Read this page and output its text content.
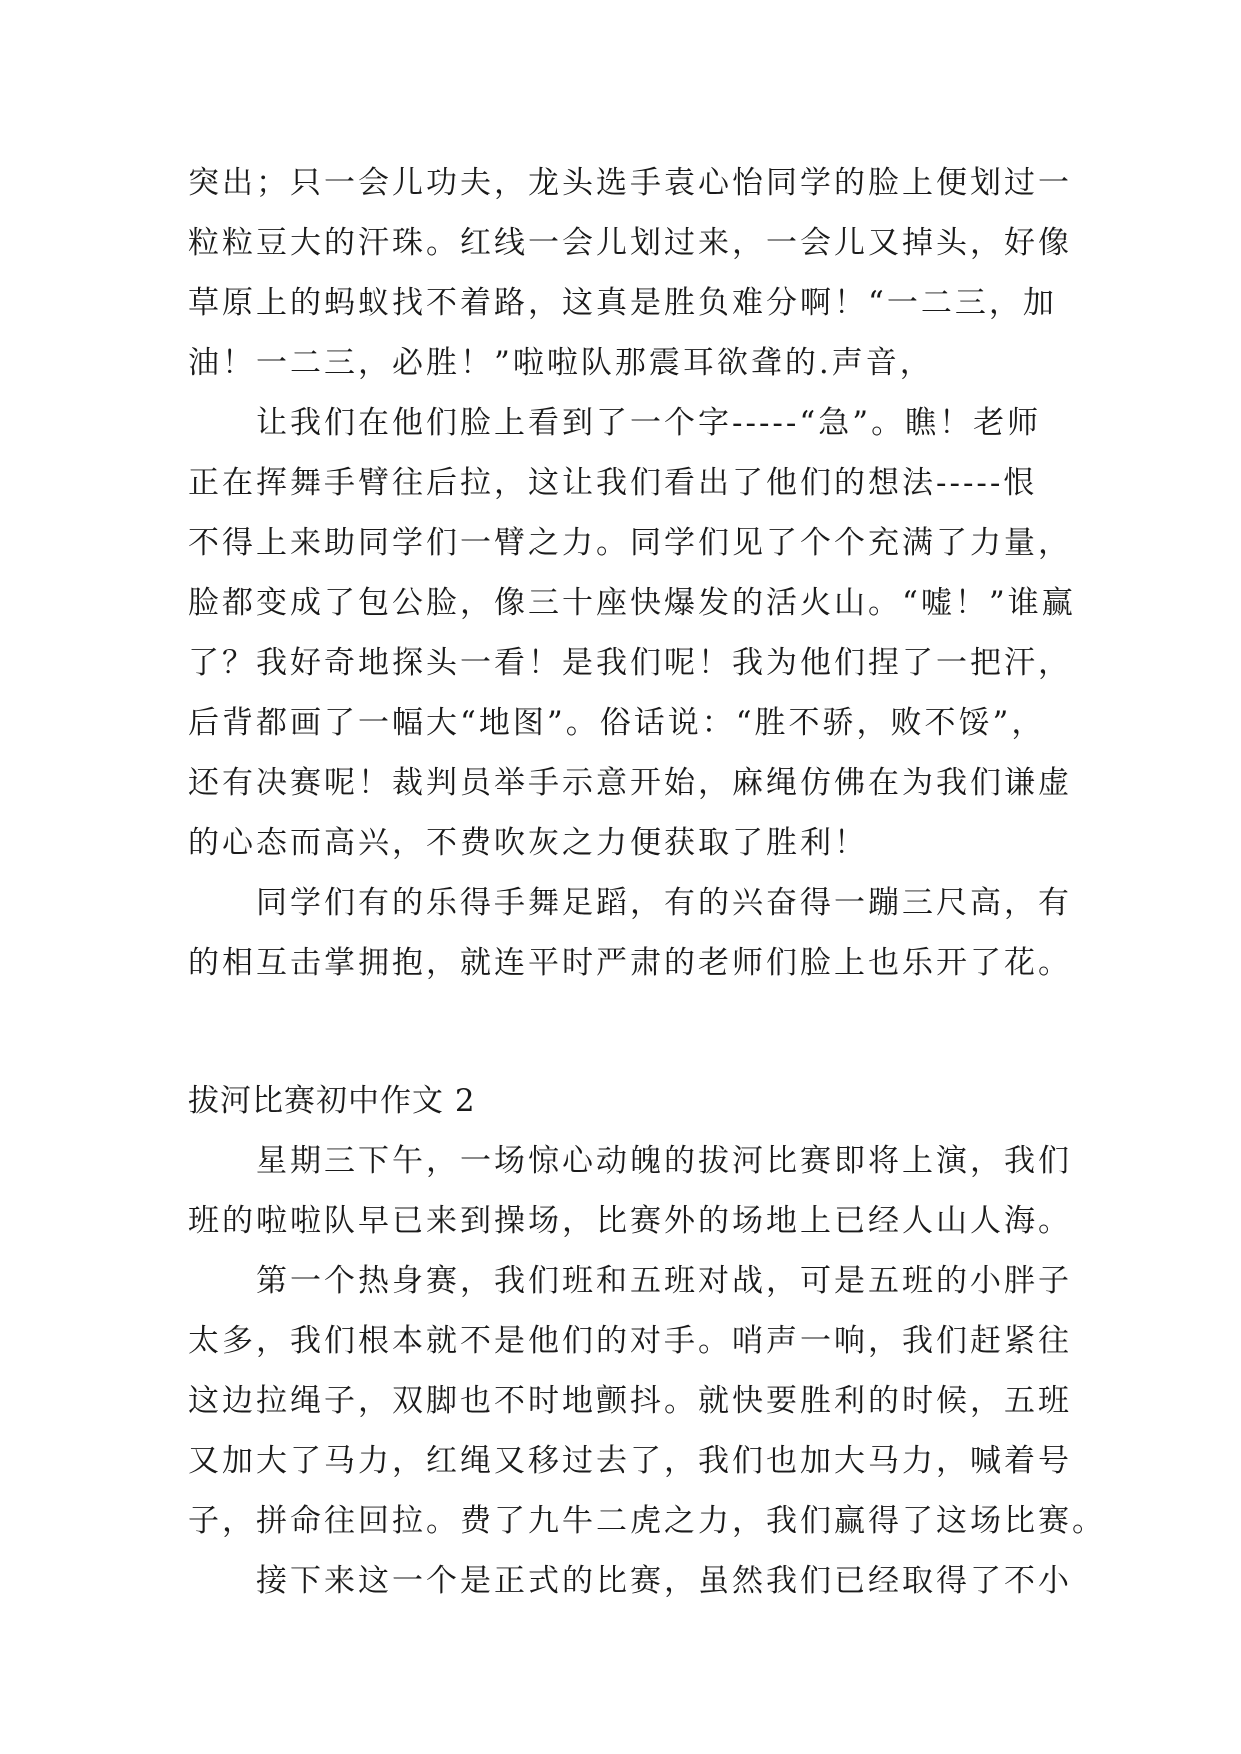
突出；只一会儿功夫，龙头选手袁心怡同学的脸上便划过一
粒粒豆大的汗珠。红线一会儿划过来，一会儿又掉头，好像
草原上的蚂蚁找不着路，这真是胜负难分啊！“一二三，加
油！一二三，必胜！”啦啦队那震耳欲聋的.声音，
让我们在他们脸上看到了一个字-----“急”。瞧！老师
正在挥舞手臂往后拉，这让我们看出了他们的想法-----恨
不得上来助同学们一臂之力。同学们见了个个充满了力量，
脸都变成了包公脸，像三十座快爆发的活火山。“嘘！”谁赢
了？我好奇地探头一看！是我们呢！我为他们捏了一把汗，
后背都画了一幅大“地图”。俗话说：“胜不骄，败不馁”，
还有决赛呢！裁判员举手示意开始，麻绳仿佛在为我们谦虚
的心态而高兴，不费吹灰之力便获取了胜利！
同学们有的乐得手舞足蹈，有的兴奋得一蹦三尺高，有
的相互击掌拥抱，就连平时严肃的老师们脸上也乐开了花。
拔河比赛初中作文 2
星期三下午，一场惊心动魄的拔河比赛即将上演，我们
班的啦啦队早已来到操场，比赛外的场地上已经人山人海。
第一个热身赛，我们班和五班对战，可是五班的小胖子
太多，我们根本就不是他们的对手。哨声一响，我们赶紧往
这边拉绳子，双脚也不时地颤抖。就快要胜利的时候，五班
又加大了马力，红绳又移过去了，我们也加大马力，喊着号
子，拼命往回拉。费了九牛二虎之力，我们赢得了这场比赛。
接下来这一个是正式的比赛，虽然我们已经取得了不小
